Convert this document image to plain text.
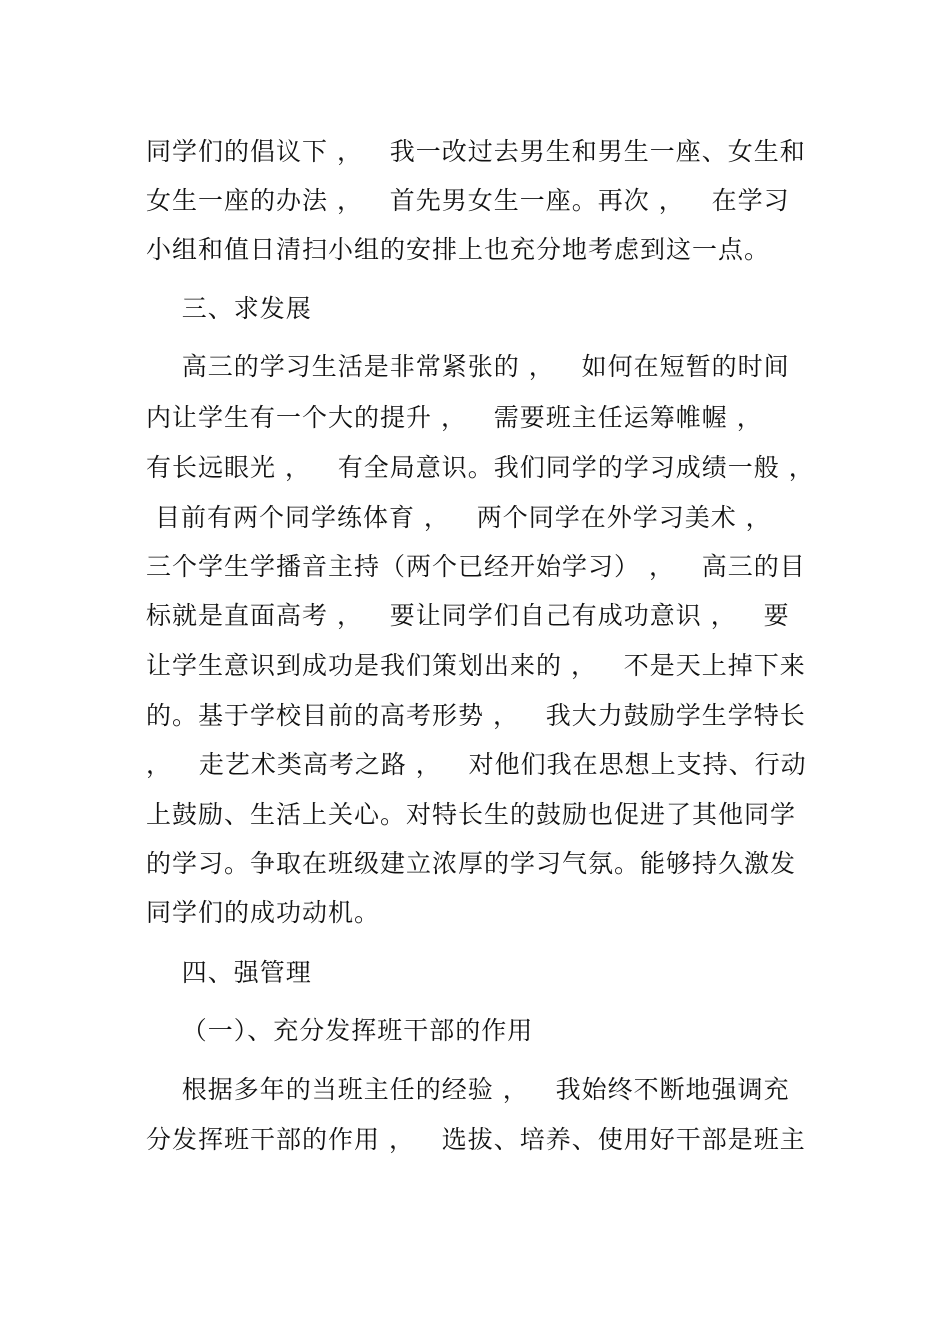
同学们的倡议下 ，   我一改过去男生和男生一座、女生和
女生一座的办法 ，   首先男女生一座。再次 ，   在学习
小组和值日清扫小组的安排上也充分地考虑到这一点。
三、求发展
高三的学习生活是非常紧张的 ，   如何在短暂的时间
内让学生有一个大的提升 ，   需要班主任运筹帷幄 ，
有长远眼光 ，   有全局意识。我们同学的学习成绩一般 ，
目前有两个同学练体育 ，   两个同学在外学习美术 ，
三个学生学播音主持（两个已经开始学习） ，   高三的目
标就是直面高考 ，   要让同学们自己有成功意识 ，   要
让学生意识到成功是我们策划出来的 ，   不是天上掉下来
的。基于学校目前的高考形势 ，   我大力鼓励学生学特长
，   走艺术类高考之路 ，   对他们我在思想上支持、行动
上鼓励、生活上关心。对特长生的鼓励也促进了其他同学
的学习。争取在班级建立浓厚的学习气氛。能够持久激发
同学们的成功动机。
四、强管理
（一）、充分发挥班干部的作用
根据多年的当班主任的经验 ，   我始终不断地强调充
分发挥班干部的作用 ，   选拔、培养、使用好干部是班主
